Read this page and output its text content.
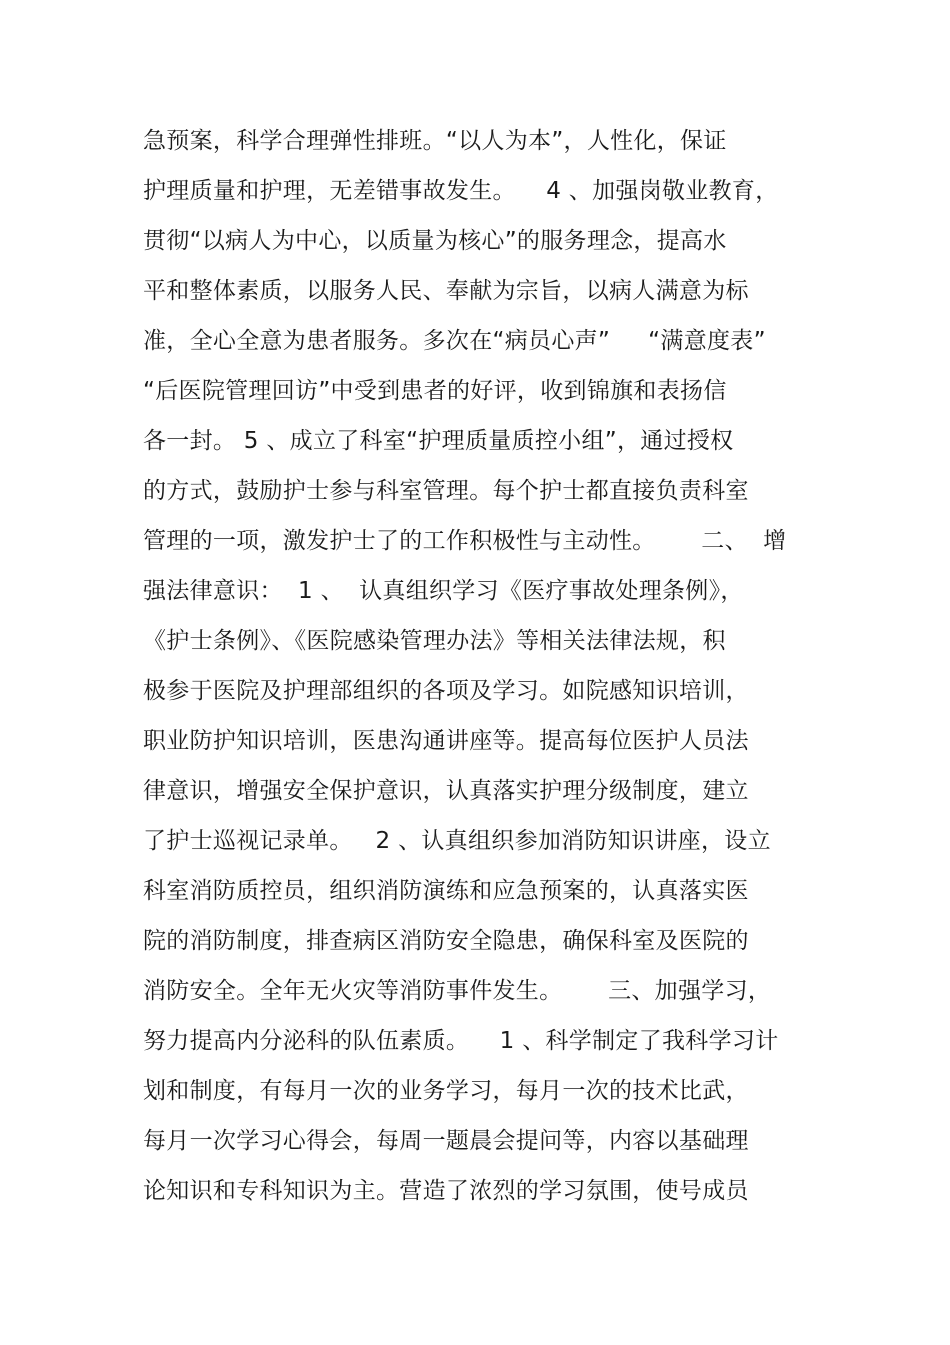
急预案，科学合理弹性排班。“以人为本”，人性化，保证
护理质量和护理，无差错事故发生。    4 、加强岗敬业教育，
贯彻“以病人为中心，以质量为核心”的服务理念，提高水
平和整体素质，以服务人民、奉献为宗旨，以病人满意为标
准，全心全意为患者服务。多次在“病员心声”     “满意度表”
“后医院管理回访”中受到患者的好评，收到锦旗和表扬信
各一封。 5 、成立了科室“护理质量质控小组”，通过授权
的方式，鼓励护士参与科室管理。每个护士都直接负责科室
管理的一项，激发护士了的工作积极性与主动性。      二、  增
强法律意识：  1 、  认真组织学习《医疗事故处理条例》，
《护士条例》、《医院感染管理办法》等相关法律法规，积
极参于医院及护理部组织的各项及学习。如院感知识培训，
职业防护知识培训，医患沟通讲座等。提高每位医护人员法
律意识，增强安全保护意识，认真落实护理分级制度，建立
了护士巡视记录单。   2 、认真组织参加消防知识讲座，设立
科室消防质控员，组织消防演练和应急预案的，认真落实医
院的消防制度，排查病区消防安全隐患，确保科室及医院的
消防安全。全年无火灾等消防事件发生。      三、加强学习，
努力提高内分泌科的队伍素质。    1 、科学制定了我科学习计
划和制度，有每月一次的业务学习，每月一次的技术比武，
每月一次学习心得会，每周一题晨会提问等，内容以基础理
论知识和专科知识为主。营造了浓烈的学习氛围，使号成员
